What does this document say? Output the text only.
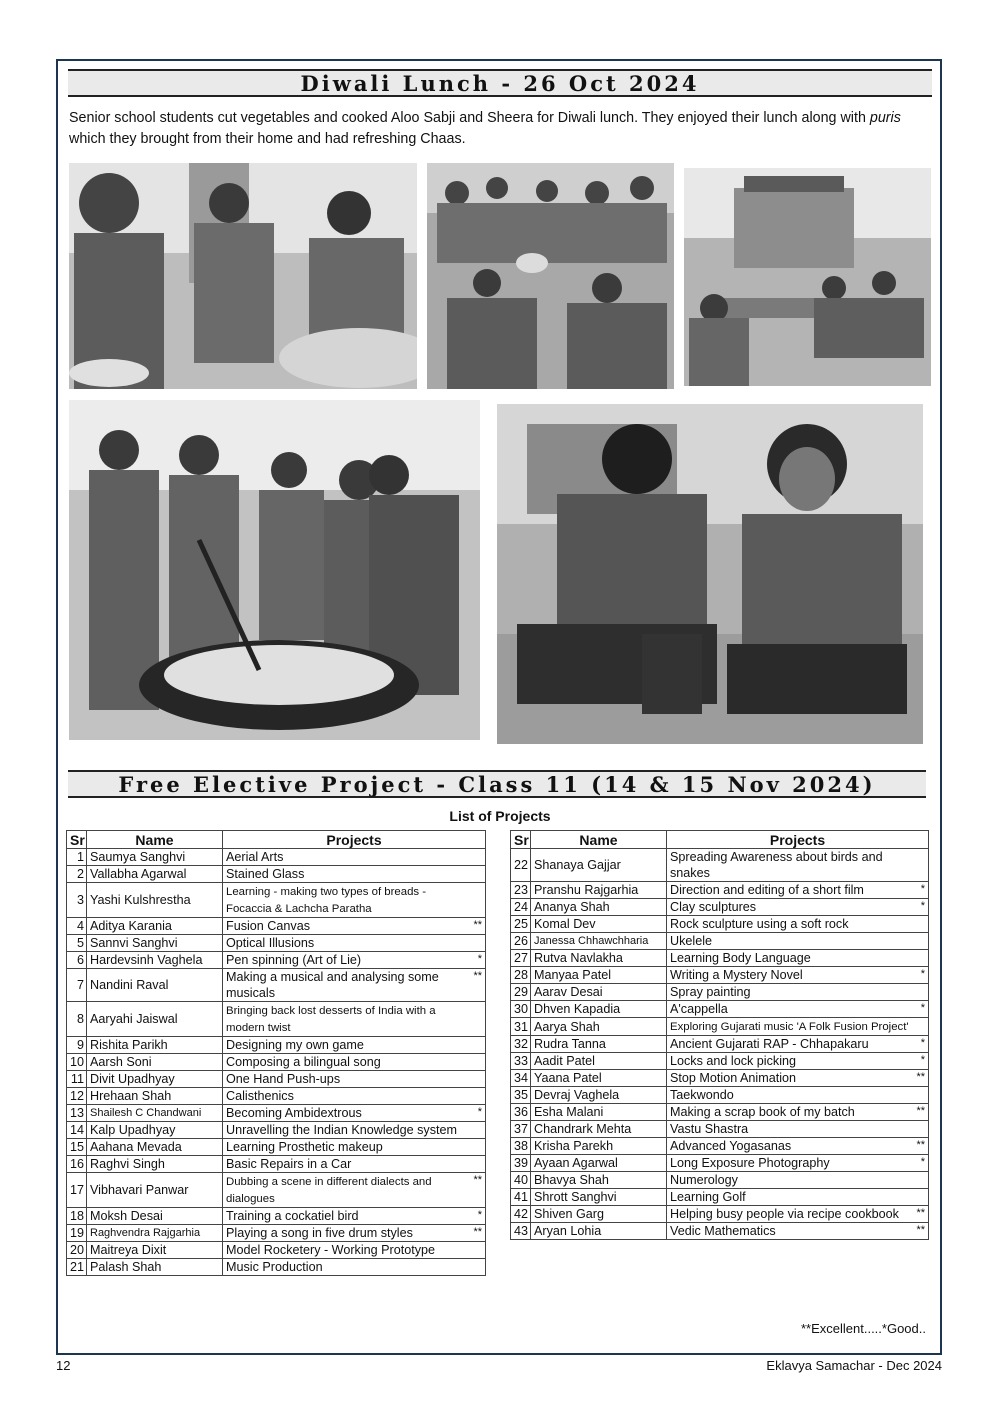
Diwali Lunch - 26 Oct 2024
Senior school students cut vegetables and cooked Aloo Sabji and Sheera for Diwali lunch. They enjoyed their lunch along with puris which they brought from their home and had refreshing Chaas.
Free Elective Project - Class 11 (14 & 15 Nov 2024)
List of Projects
Sr	Name	Projects
1	Saumya Sanghvi	Aerial Arts

2	Vallabha Agarwal	Stained Glass

3	Yashi Kulshrestha	Learning - making two types of breads - Focaccia & Lachcha Paratha

4	Aditya Karania	Fusion Canvas **

5	Sannvi Sanghvi	Optical Illusions

6	Hardevsinh Vaghela	Pen spinning (Art of Lie) *

7	Nandini Raval	Making a musical and analysing some musicals
**

8	Aaryahi Jaiswal	Bringing back lost desserts of India with a modern twist

9	Rishita Parikh	Designing my own game

10	Aarsh Soni	Composing a bilingual song

11	Divit Upadhyay	One Hand Push-ups

12	Hrehaan Shah	Calisthenics

13	Shailesh C Chandwani	Becoming Ambidextrous *

14	Kalp Upadhyay	Unravelling the Indian Knowledge system

15	Aahana Mevada	Learning Prosthetic makeup

16	Raghvi Singh	Basic Repairs in a Car

17	Vibhavari Panwar	Dubbing a scene in different dialects and dialogues
**

18	Moksh Desai	Training a cockatiel bird *

19	Raghvendra Rajgarhia	Playing a song in five drum styles **

20	Maitreya Dixit	Model Rocketery - Working Prototype

21	Palash Shah	Music Production
Sr	Name	Projects
22	Shanaya Gajjar	Spreading Awareness about birds and snakes

23	Pranshu Rajgarhia	Direction and editing of a short film *

24	Ananya Shah	Clay sculptures *

25	Komal Dev	Rock sculpture using a soft rock

26	Janessa Chhawchharia	Ukelele

27	Rutva Navlakha	Learning Body Language

28	Manyaa Patel	Writing a Mystery Novel *

29	Aarav Desai	Spray painting

30	Dhven Kapadia	A'cappella *

31	Aarya Shah	Exploring Gujarati music 'A Folk Fusion Project'

32	Rudra Tanna	Ancient Gujarati RAP - Chhapakaru *

33	Aadit Patel	Locks and lock picking *

34	Yaana Patel	Stop Motion Animation **

35	Devraj Vaghela	Taekwondo

36	Esha Malani	Making a scrap book of my batch **

37	Chandrark Mehta	Vastu Shastra

38	Krisha Parekh	Advanced Yogasanas **

39	Ayaan Agarwal	Long Exposure Photography *

40	Bhavya Shah	Numerology

41	Shrott Sanghvi	Learning Golf

42	Shiven Garg	Helping busy people via recipe cookbook **

43	Aryan Lohia	Vedic Mathematics **
**Excellent.....*Good..
12	Eklavya Samachar - Dec 2024
